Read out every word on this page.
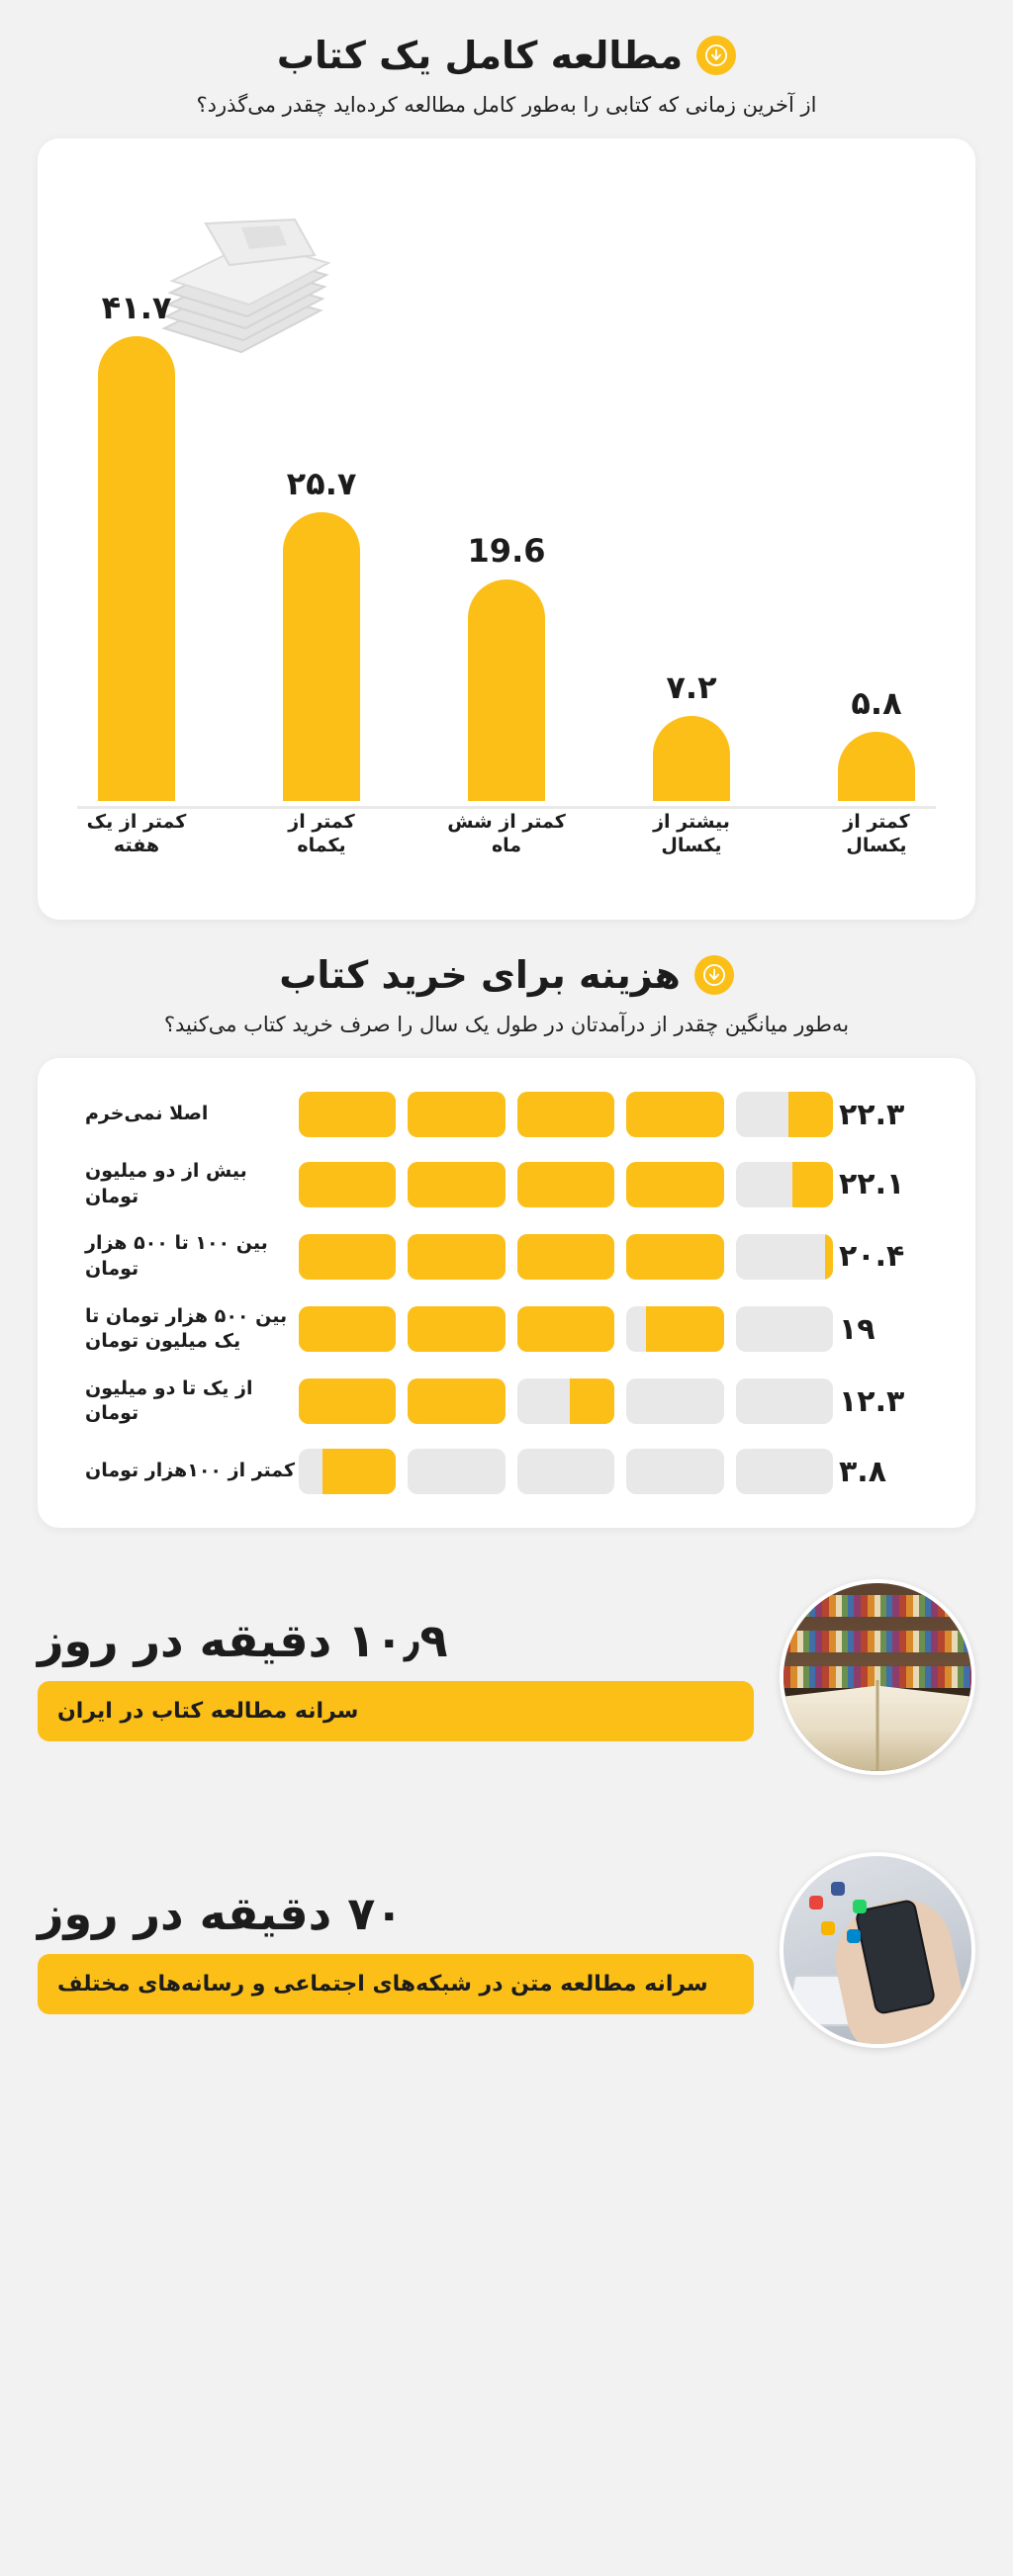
مطالعه کامل یک کتاب
از آخرین زمانی که کتابی را به‌طور کامل مطالعه کرده‌اید چقدر می‌گذرد؟
۴۱.۷
۲۵.۷
19.6
۷.۲	۵.۸
کمتر از یک هفته
کمتر از یکماه
کمتر از شش ماه
بیشتر از یکسال
کمتر از یکسال
هزینه برای خرید کتاب
به‌طور میانگین چقدر از درآمدتان در طول یک سال را صرف خرید کتاب می‌کنید؟
۲۲.۳
اصلا نمی‌خرم
۲۲.۱
بیش از دو میلیون تومان
۲۰.۴
بین ۱۰۰ تا ۵۰۰ هزار تومان
۱۹
بین ۵۰۰ هزار تومان تا یک میلیون تومان
۱۲.۳
از یک تا دو میلیون تومان
۳.۸
کمتر از ۱۰۰هزار تومان
۱۰٫۹ دقیقه در روز
سرانه مطالعه کتاب در ایران
۷۰ دقیقه در روز
سرانه مطالعه متن در شبکه‌های اجتماعی و رسانه‌های مختلف
